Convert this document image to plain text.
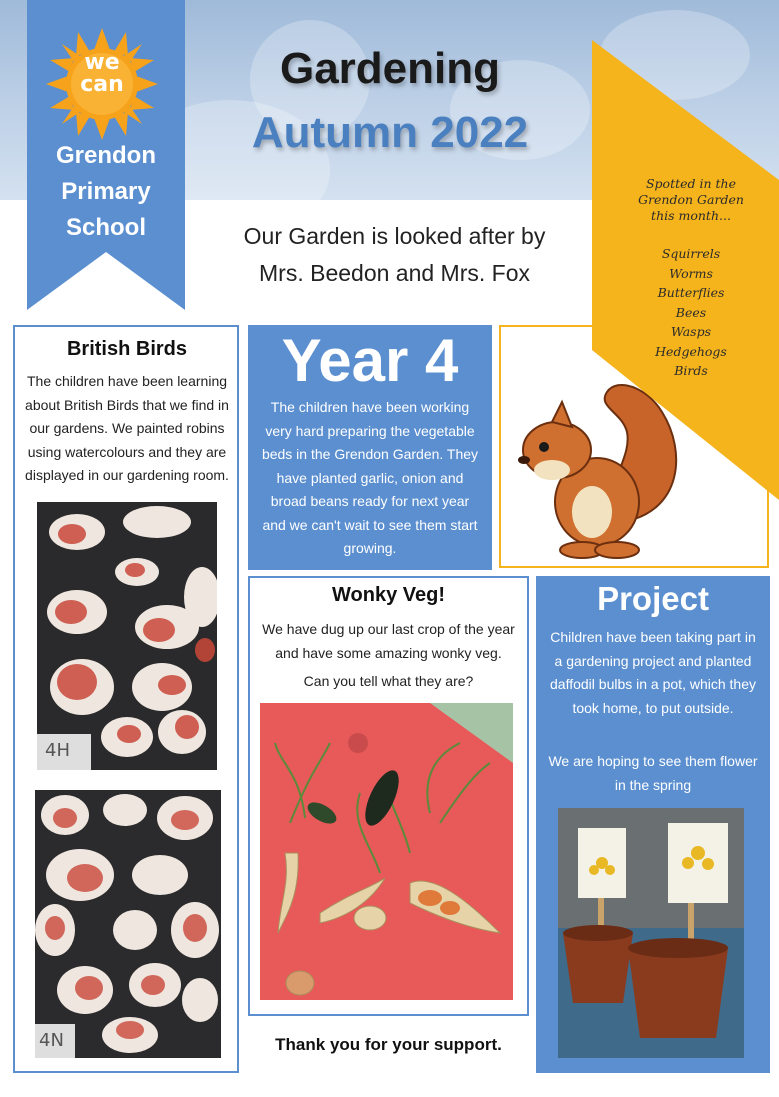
we
can
Grendon
Primary
School
Gardening
Autumn 2022
Our Garden is looked after by
Mrs. Beedon and Mrs. Fox
British Birds
The children have been learning about British Birds that we find in our gardens. We painted robins using watercolours and they are displayed in our gardening room.
4H
4N
Year 4
The children have been working very hard preparing the vegetable beds in the Grendon Garden. They have planted garlic, onion and broad beans ready for next year and we can't wait to see them start growing.
Spotted in the
Grendon Garden
this month...
Squirrels
Worms
Butterflies
Bees
Wasps
Hedgehogs
Birds
Wonky Veg!
We have dug up our last crop of the year and have some amazing wonky veg.
Can you tell what they are?
Project
Children have been taking part in a gardening project and planted daffodil bulbs in a pot, which they took home, to put outside.
We are hoping to see them flower in the spring
Thank you for your support.
